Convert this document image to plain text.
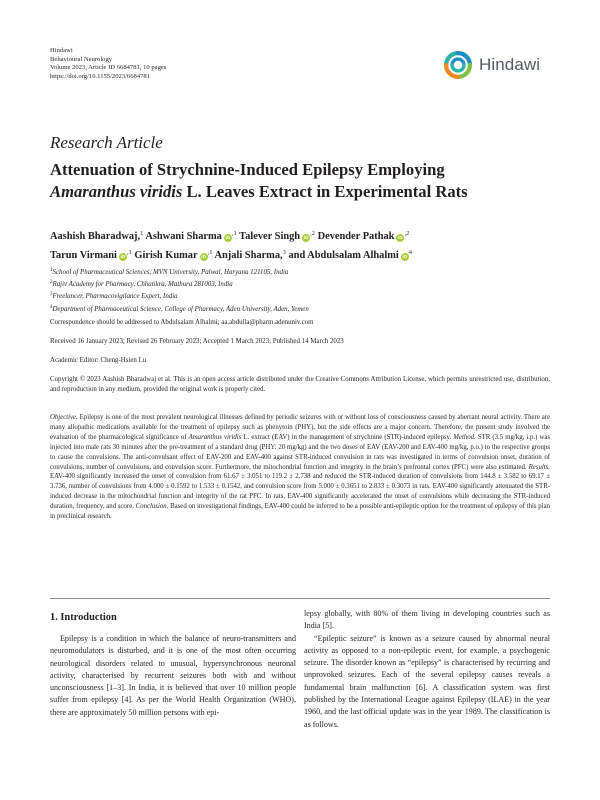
Hindawi
Behavioural Neurology
Volume 2023, Article ID 6684781, 10 pages
https://doi.org/10.1155/2023/6684781
Hindawi
Research Article
Attenuation of Strychnine-Induced Epilepsy Employing
Amaranthus viridis L. Leaves Extract in Experimental Rats
Aashish Bharadwaj,$^1$ Ashwani Sharma $iD^{,1}$ Talever Singh $iD^{,2}$ Devender Pathak $iD^{,2}$
Tarun Virmani $iD^{,1}$ Girish Kumar $iD^{,1}$ Anjali Sharma,$^3$ and Abdulsalam Alhalmi $iD^4$
$^1$School of Pharmaceutical Sciences, MVN University, Palwal, Haryana 121105, India
$^2$Rajiv Academy for Pharmacy, Chhatikra, Mathura 281003, India
$^3$Freelancer, Pharmacovigilance Expert, India
$^4$Department of Pharmaceutical Science, College of Pharmacy, Aden University, Aden, Yemen
Correspondence should be addressed to Abdulsalam Alhalmi; aa.abdulla@pharm.adenuniv.com
Received 16 January 2023; Revised 26 February 2023; Accepted 1 March 2023; Published 14 March 2023
Academic Editor: Cheng-Hsien Lu
Copyright © 2023 Aashish Bharadwaj et al. This is an open access article distributed under the Creative Commons Attribution License, which permits unrestricted use, distribution, and reproduction in any medium, provided the original work is properly cited.
Objective. Epilepsy is one of the most prevalent neurological illnesses defined by periodic seizures with or without loss of consciousness caused by aberrant neural activity. There are many allopathic medications available for the treatment of epilepsy such as phenytoin (PHY), but the side effects are a major concern. Therefore, the present study involved the evaluation of the pharmacological significance of Amaranthus viridis L. extract (EAV) in the management of strychnine (STR)-induced epilepsy. Method. STR (3.5 mg/kg, i.p.) was injected into male rats 30 minutes after the pre-treatment of a standard drug (PHY: 20 mg/kg) and the two doses of EAV (EAV-200 and EAV-400 mg/kg, p.o.) to the respective groups to cause the convulsions. The anti-convulsant effect of EAV-200 and EAV-400 against STR-induced convulsion in rats was investigated in terms of convulsion onset, duration of convulsions, number of convulsions, and convulsion score. Furthermore, the mitochondrial function and integrity in the brain’s prefrontal cortex (PFC) were also estimated. Results. EAV-400 significantly increased the onset of convulsion from 61.67 ± 3.051 to 119.2 ± 2.738 and reduced the STR-induced duration of convulsions from 144.8 ± 3.582 to 69.17 ± 3.736, number of convulsions from 4.000 ± 0.1592 to 1.533 ± 0.1542, and convulsion score from 5.000 ± 0.3651 to 2.833 ± 0.3073 in rats. EAV-400 significantly attenuated the STR-induced decrease in the mitochondrial function and integrity of the rat PFC. In rats, EAV-400 significantly accelerated the onset of convulsions while decreasing the STR-induced duration, frequency, and score. Conclusion. Based on investigational findings, EAV-400 could be inferred to be a possible anti-epileptic option for the treatment of epilepsy of this plan in preclinical research.
1. Introduction

Epilepsy is a condition in which the balance of neuro-transmitters and neuromodulators is disturbed, and it is one of the most often occurring neurological disorders related to unusual, hypersynchronous neuronal activity, characterised by recurrent seizures both with and without unconsciousness [1–3]. In India, it is believed that over 10 million people suffer from epilepsy [4]. As per the World Health Organization (WHO), there are approximately 50 million persons with epi-

lepsy globally, with 80% of them living in developing countries such as India [5].

“Epileptic seizure” is known as a seizure caused by abnormal neural activity as opposed to a non-epileptic event, for example, a psychogenic seizure. The disorder known as “epilepsy” is characterised by recurring and unprovoked seizures. Each of the several epilepsy causes reveals a fundamental brain malfunction [6]. A classification system was first published by the International League against Epilepsy (ILAE) in the year 1960, and the last official update was in the year 1989. The classification is as follows.
